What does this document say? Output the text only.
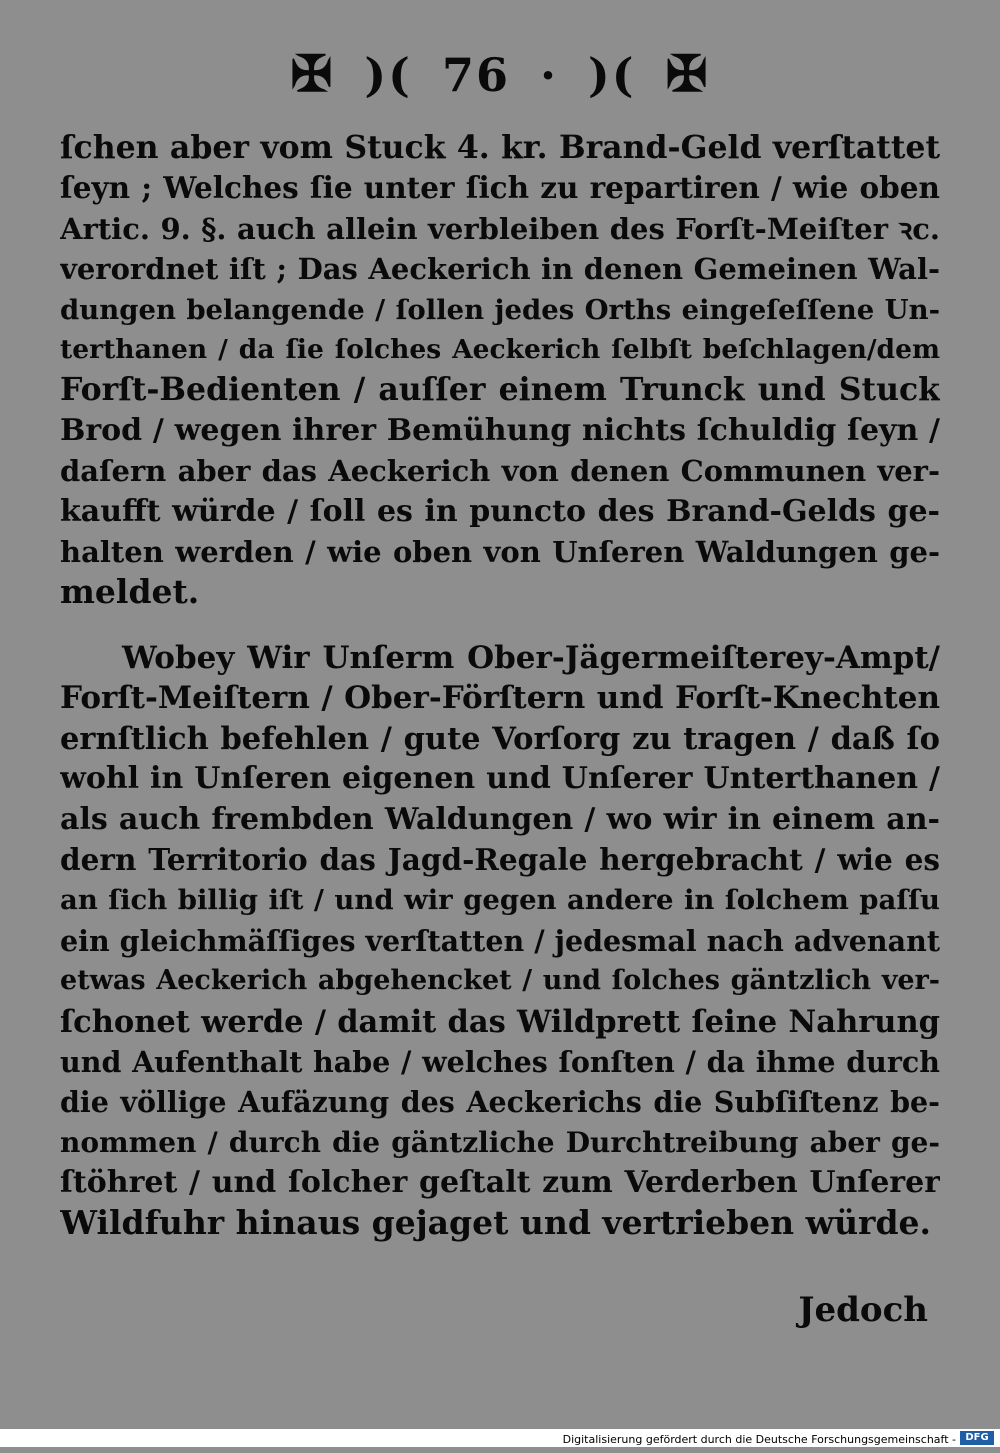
✠ )( 76 · )( ✠
ſchen aber vom Stuck 4. kr. Brand-Geld verſtattet
ſeyn ; Welches ſie unter ſich zu repartiren / wie oben
Artic. 9. §. auch allein verbleiben des Forſt-Meiſter ꝛc.
verordnet iſt ; Das Aeckerich in denen Gemeinen Wal-
dungen belangende / ſollen jedes Orths eingeſeſſene Un-
terthanen / da ſie ſolches Aeckerich ſelbſt beſchlagen/dem
Forſt-Bedienten / auſſer einem Trunck und Stuck
Brod / wegen ihrer Bemühung nichts ſchuldig ſeyn /
daſern aber das Aeckerich von denen Communen ver-
kaufft würde / ſoll es in puncto des Brand-Gelds ge-
halten werden / wie oben von Unſeren Waldungen ge-
meldet.
Wobey Wir Unſerm Ober-Jägermeiſterey-Ampt/
Forſt-Meiſtern / Ober-Förſtern und Forſt-Knechten
ernſtlich befehlen / gute Vorſorg zu tragen / daß ſo
wohl in Unſeren eigenen und Unſerer Unterthanen /
als auch frembden Waldungen / wo wir in einem an-
dern Territorio das Jagd-Regale hergebracht / wie es
an ſich billig iſt / und wir gegen andere in ſolchem paſſu
ein gleichmäſſiges verſtatten / jedesmal nach advenant
etwas Aeckerich abgehencket / und ſolches gäntzlich ver-
ſchonet werde / damit das Wildprett ſeine Nahrung
und Aufenthalt habe / welches ſonſten / da ihme durch
die völlige Aufäzung des Aeckerichs die Subſiſtenz be-
nommen / durch die gäntzliche Durchtreibung aber ge-
ſtöhret / und ſolcher geſtalt zum Verderben Unſerer
Wildfuhr hinaus gejaget und vertrieben würde.
Jedoch
Digitalisierung gefördert durch die Deutsche Forschungsgemeinschaft - DFG
